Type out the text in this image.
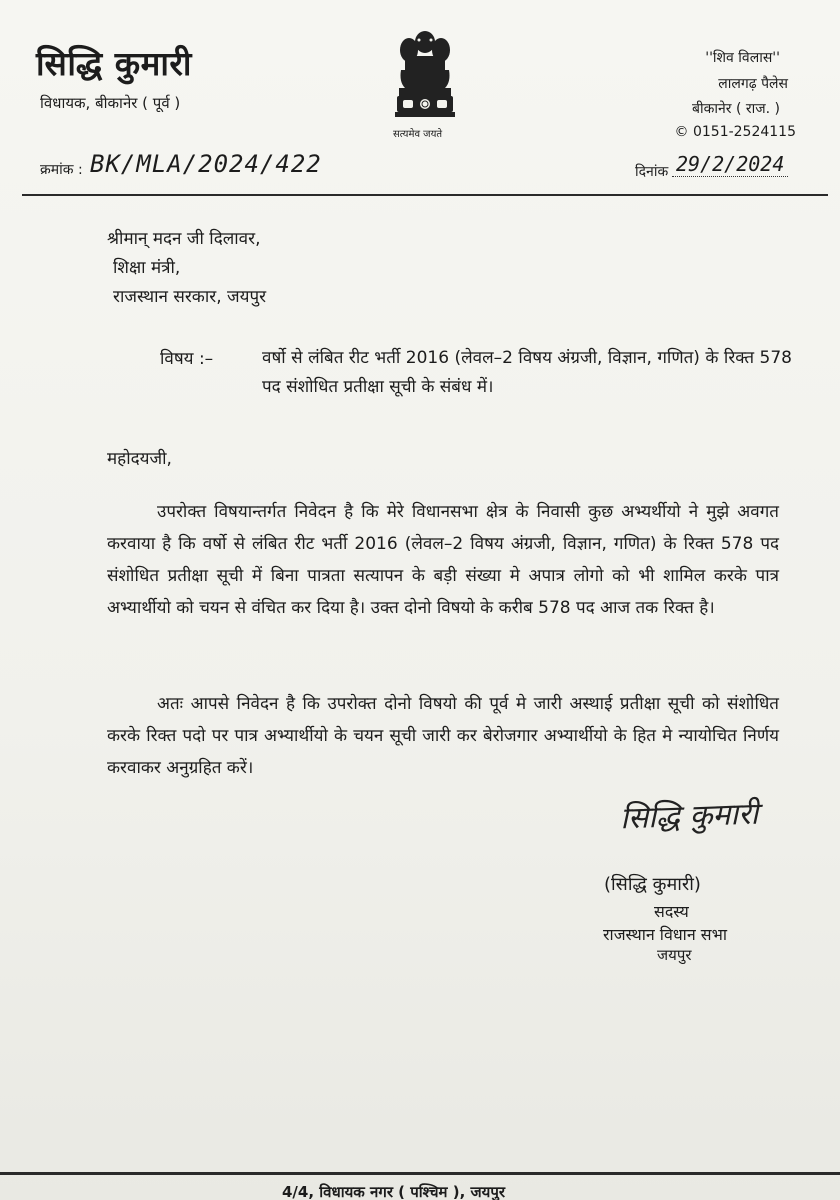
सिद्धि कुमारी
विधायक, बीकानेर ( पूर्व )
सत्यमेव जयते
''शिव विलास''
लालगढ़ पैलेस
बीकानेर ( राज. )
© 0151-2524115
क्रमांक : BK/MLA/2024/422	दिनांक 29/2/2024
श्रीमान् मदन जी दिलावर,
शिक्षा मंत्री,
राजस्थान सरकार, जयपुर
विषय :–	वर्षो से लंबित रीट भर्ती 2016 (लेवल–2 विषय अंग्रजी, विज्ञान, गणित) के रिक्त 578 पद संशोधित प्रतीक्षा सूची के संबंध में।
महोदयजी,
उपरोक्त विषयान्तर्गत निवेदन है कि मेरे विधानसभा क्षेत्र के निवासी कुछ अभ्यर्थीयो ने मुझे अवगत करवाया है कि वर्षो से लंबित रीट भर्ती 2016 (लेवल–2 विषय अंग्रजी, विज्ञान, गणित) के रिक्त 578 पद संशोधित प्रतीक्षा सूची में बिना पात्रता सत्यापन के बड़ी संख्या मे अपात्र लोगो को भी शामिल करके पात्र अभ्यार्थीयो को चयन से वंचित कर दिया है। उक्त दोनो विषयो के करीब 578 पद आज तक रिक्त है।
अतः आपसे निवेदन है कि उपरोक्त दोनो विषयो की पूर्व मे जारी अस्थाई प्रतीक्षा सूची को संशोधित करके रिक्त पदो पर पात्र अभ्यार्थीयो के चयन सूची जारी कर बेरोजगार अभ्यार्थीयो के हित मे न्यायोचित निर्णय करवाकर अनुग्रहित करें।
सिद्धि कुमारी
(सिद्धि कुमारी)
सदस्य
राजस्थान विधान सभा
जयपुर
4/4, विधायक नगर ( पश्चिम ), जयपुर
